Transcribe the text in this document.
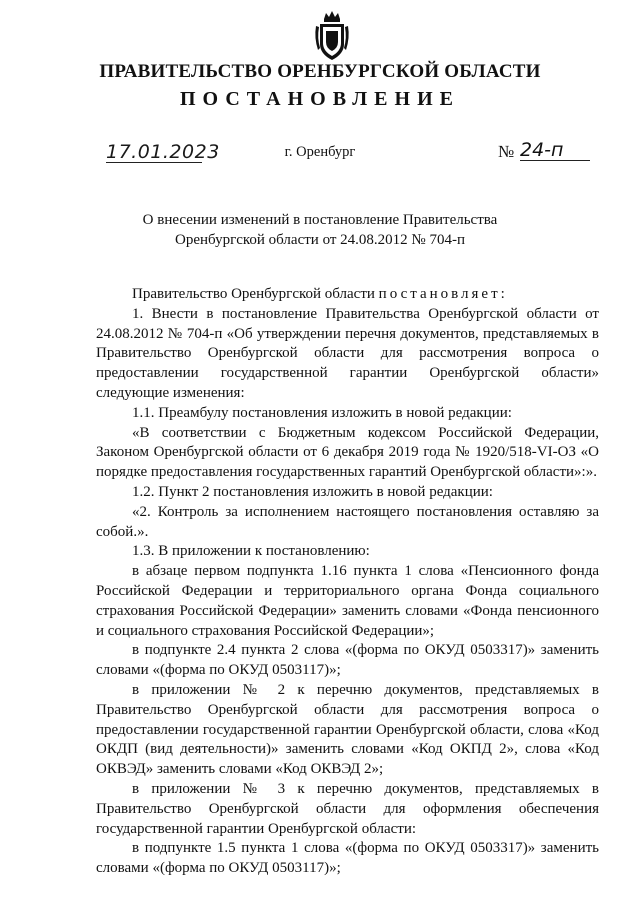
ПРАВИТЕЛЬСТВО ОРЕНБУРГСКОЙ ОБЛАСТИ
ПОСТАНОВЛЕНИЕ
17.01.2023	г. Оренбург	№ 24-п
О внесении изменений в постановление Правительства
Оренбургской области от 24.08.2012 № 704-п

Правительство Оренбургской области постановляет:

1. Внести в постановление Правительства Оренбургской области от 24.08.2012 № 704-п «Об утверждении перечня документов, представляемых в Правительство Оренбургской области для рассмотрения вопроса о предоставлении государственной гарантии Оренбургской области» следующие изменения:

1.1. Преамбулу постановления изложить в новой редакции:

«В соответствии с Бюджетным кодексом Российской Федерации, Законом Оренбургской области от 6 декабря 2019 года № 1920/518-VI-ОЗ «О порядке предоставления государственных гарантий Оренбургской области»:».

1.2. Пункт 2 постановления изложить в новой редакции:

«2. Контроль за исполнением настоящего постановления оставляю за собой.».

1.3. В приложении к постановлению:

в абзаце первом подпункта 1.16 пункта 1 слова «Пенсионного фонда Российской Федерации и территориального органа Фонда социального страхования Российской Федерации» заменить словами «Фонда пенсионного и социального страхования Российской Федерации»;

в подпункте 2.4 пункта 2 слова «(форма по ОКУД 0503317)» заменить словами «(форма по ОКУД 0503117)»;

в приложении № 2 к перечню документов, представляемых в Правительство Оренбургской области для рассмотрения вопроса о предоставлении государственной гарантии Оренбургской области, слова «Код ОКДП (вид деятельности)» заменить словами «Код ОКПД 2», слова «Код ОКВЭД» заменить словами «Код ОКВЭД 2»;

в приложении № 3 к перечню документов, представляемых в Правительство Оренбургской области для оформления обеспечения государственной гарантии Оренбургской области:

в подпункте 1.5 пункта 1 слова «(форма по ОКУД 0503317)» заменить словами «(форма по ОКУД 0503117)»;
